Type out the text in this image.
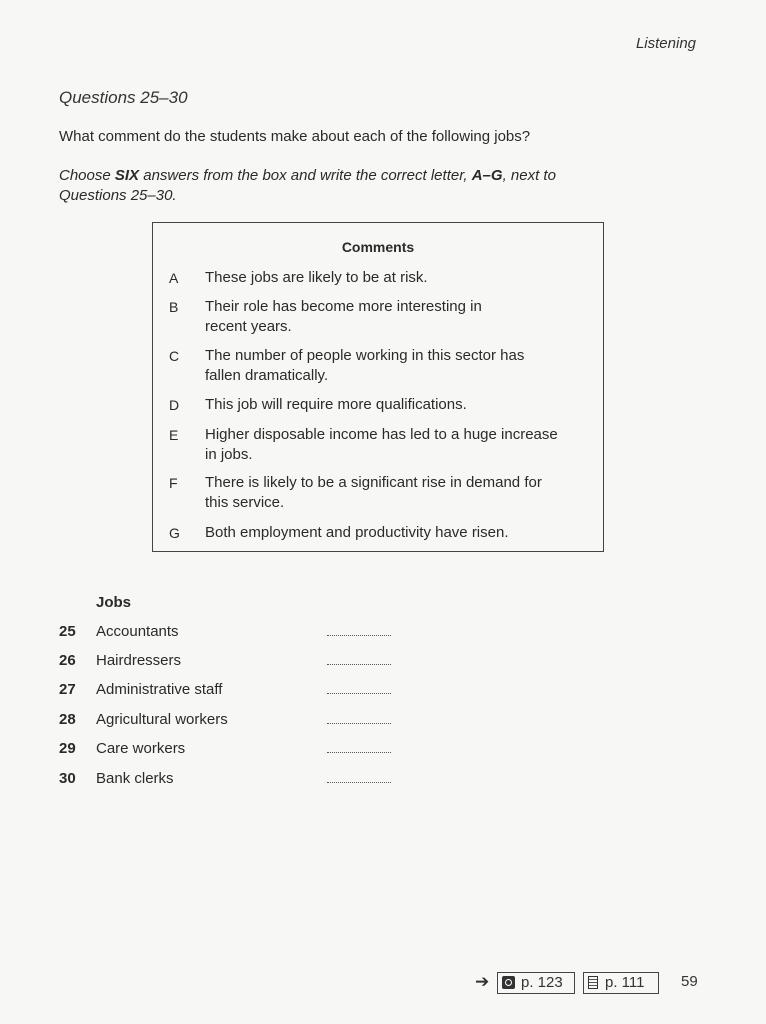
Listening
Questions 25–30
What comment do the students make about each of the following jobs?
Choose SIX answers from the box and write the correct letter, A–G, next to
Questions 25–30.
Comments
A	These jobs are likely to be at risk.
B	Their role has become more interesting in
recent years.
C	The number of people working in this sector has
fallen dramatically.
D	This job will require more qualifications.
E	Higher disposable income has led to a huge increase
in jobs.
F	There is likely to be a significant rise in demand for
this service.
G	Both employment and productivity have risen.
Jobs
25 Accountants
26 Hairdressers
27 Administrative staff
28 Agricultural workers
29 Care workers
30 Bank clerks
➔	p. 123	p. 111	59
